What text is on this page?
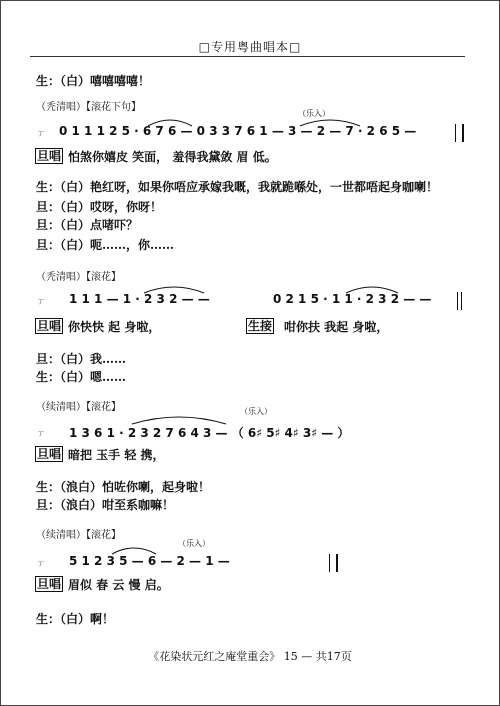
□专用粤曲唱本□
生：（白）嘻嘻嘻嘻！
（秃清唱）【滚花下句】
（乐入）
ㄒ 0 1 1 1 2 5 · 6 7 6 — 0 3 3 7 6 1 — 3 — 2 — 7 · 2 6 5 —
旦唱 怕煞你嬉皮 笑面， 羞得我黛敛 眉 低。
生：（白）艳红呀，如果你唔应承嫁我嘅，我就跪喺处，一世都唔起身咖喇！
旦：（白）哎呀，你呀！
旦：（白）点啫吓？
旦：（白）呃……，你……
（秃清唱）【滚花】
ㄒ 1 1 1 — 1 · 2 3 2 — —	0 2 1 5 · 1 1 · 2 3 2 — —
旦唱 你快快 起 身啦，	生接 咁你扶 我起 身啦，
旦：（白）我……
生：（白）嗯……
（续清唱）【滚花】	（乐入）
ㄒ 1 3 6 1 · 2 3 2 7 6 4 3 — （ 6♯ 5♯ 4♯ 3♯ — ）
旦唱 暗把 玉手 轻 携，
生：（浪白）怕咗你喇，起身啦！
旦：（浪白）咁至系咖嘛！
（续清唱）【滚花】
（乐入）
ㄒ 5 1 2 3 5 — 6 — 2 — 1 —
旦唱 眉似 春 云 慢 启。
生：（白）啊！
《花染状元红之庵堂重会》 15 — 共17页
